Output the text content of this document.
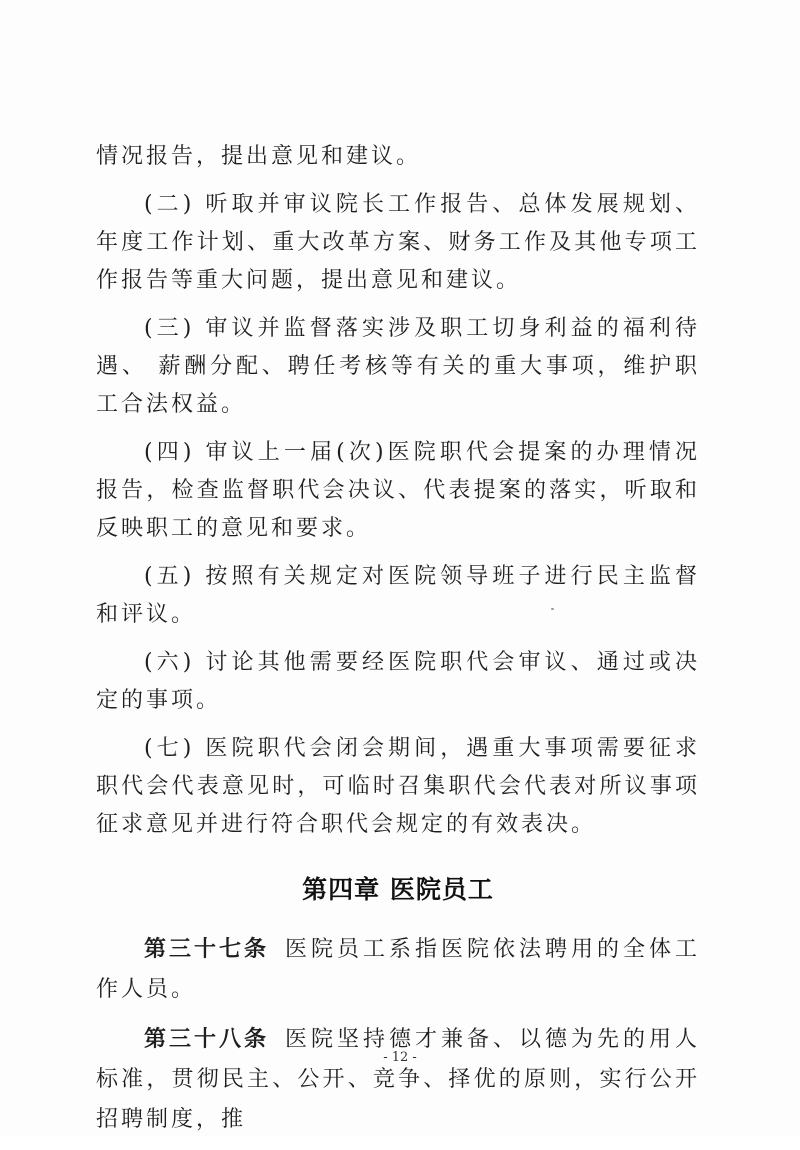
情况报告，提出意见和建议。

(二) 听取并审议院长工作报告、总体发展规划、年度工作计划、重大改革方案、财务工作及其他专项工作报告等重大问题，提出意见和建议。

(三) 审议并监督落实涉及职工切身利益的福利待遇、 薪酬分配、聘任考核等有关的重大事项，维护职工合法权益。

(四) 审议上一届(次)医院职代会提案的办理情况报告，检查监督职代会决议、代表提案的落实，听取和反映职工的意见和要求。

(五) 按照有关规定对医院领导班子进行民主监督和评议。

(六) 讨论其他需要经医院职代会审议、通过或决定的事项。

(七) 医院职代会闭会期间，遇重大事项需要征求职代会代表意见时，可临时召集职代会代表对所议事项征求意见并进行符合职代会规定的有效表决。

第四章 医院员工

第三十七条 医院员工系指医院依法聘用的全体工作人员。

第三十八条 医院坚持德才兼备、以德为先的用人标准，贯彻民主、公开、竞争、择优的原则，实行公开招聘制度，推

- 12 -
